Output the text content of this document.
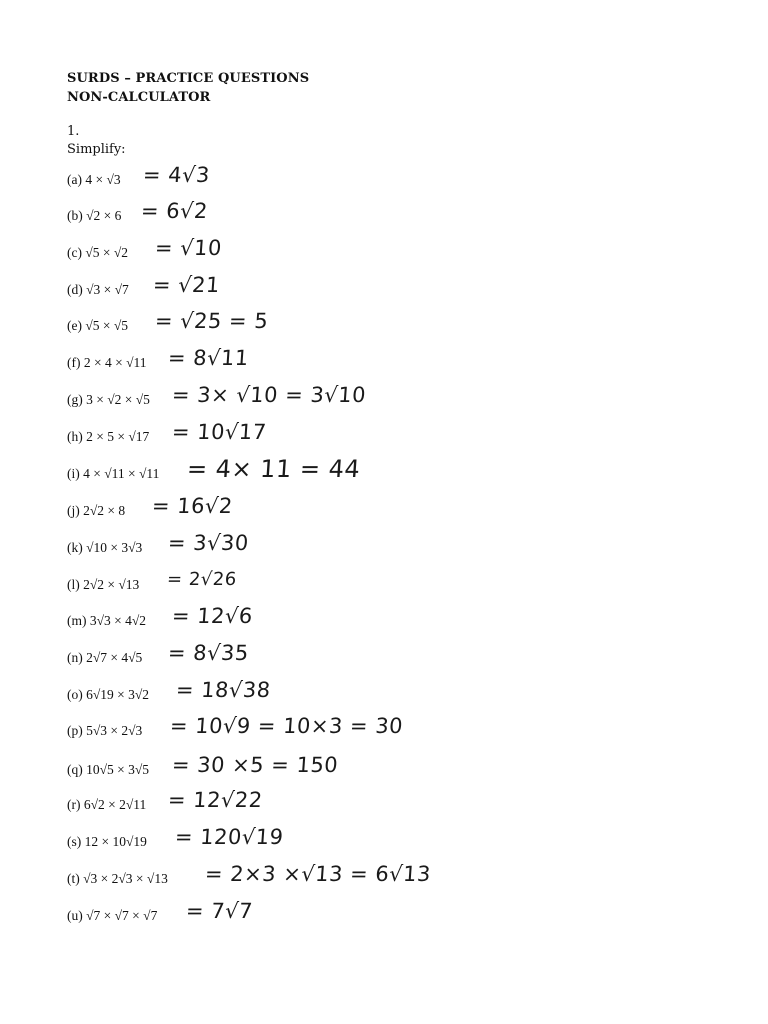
SURDS – PRACTICE QUESTIONS
NON-CALCULATOR
1.
Simplify:
(a) 4 × √3 = 4√3
(b) √2 × 6 = 6√2
(c) √5 × √2 = √10
(d) √3 × √7 = √21
(e) √5 × √5 = √25 = 5
(f) 2 × 4 × √11 = 8√11
(g) 3 × √2 × √5 = 3× √10 = 3√10
(h) 2 × 5 × √17 = 10√17
(i) 4 × √11 × √11 = 4× 11 = 44
(j) 2√2 × 8 = 16√2
(k) √10 × 3√3 = 3√30
(l) 2√2 × √13 = 2√26
(m) 3√3 × 4√2 = 12√6
(n) 2√7 × 4√5 = 8√35
(o) 6√19 × 3√2 = 18√38
(p) 5√3 × 2√3 = 10√9 = 10×3 = 30
(q) 10√5 × 3√5 = 30 ×5 = 150
(r) 6√2 × 2√11 = 12√22
(s) 12 × 10√19 = 120√19
(t) √3 × 2√3 × √13 = 2×3 ×√13 = 6√13
(u) √7 × √7 × √7 = 7√7
